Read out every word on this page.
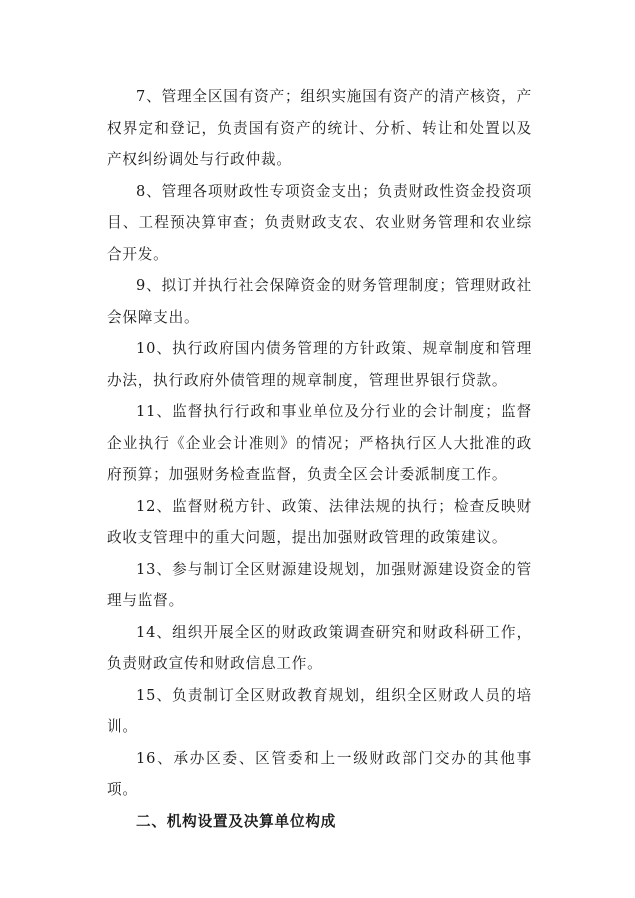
7、管理全区国有资产；组织实施国有资产的清产核资，产权界定和登记，负责国有资产的统计、分析、转让和处置以及产权纠纷调处与行政仲裁。

8、管理各项财政性专项资金支出；负责财政性资金投资项目、工程预决算审查；负责财政支农、农业财务管理和农业综合开发。

9、拟订并执行社会保障资金的财务管理制度；管理财政社会保障支出。

10、执行政府国内债务管理的方针政策、规章制度和管理办法，执行政府外债管理的规章制度，管理世界银行贷款。

11、监督执行行政和事业单位及分行业的会计制度；监督企业执行《企业会计准则》的情况；严格执行区人大批准的政府预算；加强财务检查监督，负责全区会计委派制度工作。

12、监督财税方针、政策、法律法规的执行；检查反映财政收支管理中的重大问题，提出加强财政管理的政策建议。

13、参与制订全区财源建设规划，加强财源建设资金的管理与监督。

14、组织开展全区的财政政策调查研究和财政科研工作，负责财政宣传和财政信息工作。

15、负责制订全区财政教育规划，组织全区财政人员的培训。

16、承办区委、区管委和上一级财政部门交办的其他事项。

二、机构设置及决算单位构成
